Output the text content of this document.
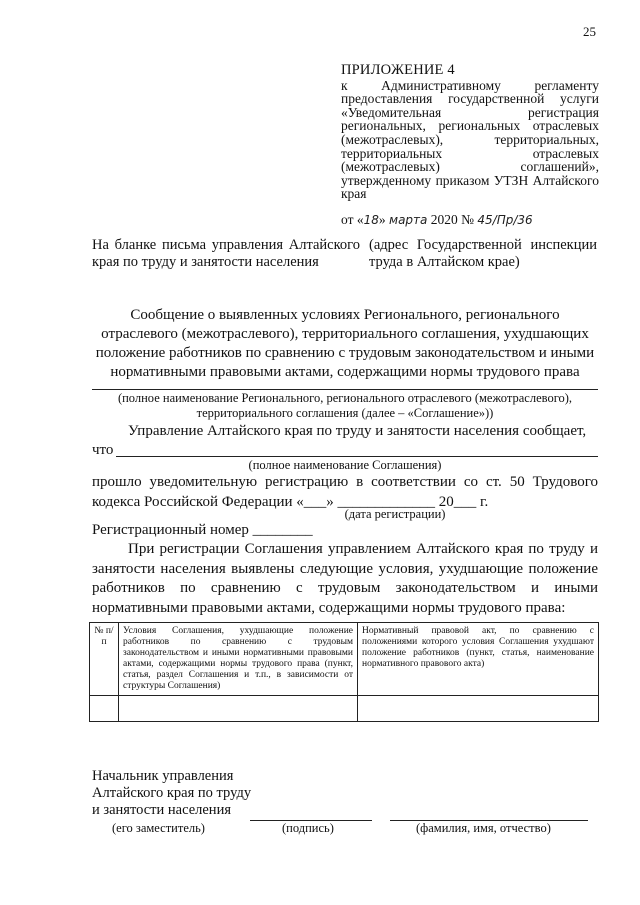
25
ПРИЛОЖЕНИЕ 4
к Административному регламенту предоставления государственной услуги «Уведомительная регистрация региональных, региональных отраслевых (межотраслевых), территориальных, территориальных отраслевых (межотраслевых) соглашений», утвержденному приказом УТЗН Алтайского края
от «18» марта 2020 № 45/Пр/36
На бланке письма управления Алтайского края по труду и занятости населения
(адрес Государственной инспекции труда в Алтайском крае)
Сообщение о выявленных условиях Регионального, регионального отраслевого (межотраслевого), территориального соглашения, ухудшающих положение работников по сравнению с трудовым законодательством и иными нормативными правовыми актами, содержащими нормы трудового права
(полное наименование Регионального, регионального отраслевого (межотраслевого), территориального соглашения (далее – «Соглашение»))
Управление Алтайского края по труду и занятости населения сообщает,
что
(полное наименование Соглашения)
прошло уведомительную регистрацию в соответствии со ст. 50 Трудового кодекса Российской Федерации «___» _____________ 20___ г.
(дата регистрации)
Регистрационный номер ________
При регистрации Соглашения управлением Алтайского края по труду и занятости населения выявлены следующие условия, ухудшающие положение работников по сравнению с трудовым законодательством и иными нормативными правовыми актами, содержащими нормы трудового права:
№ п/п	Условия Соглашения, ухудшающие положение работников по сравнению с трудовым законодательством и иными нормативными правовыми актами, содержащими нормы трудового права (пункт, статья, раздел Соглашения и т.п., в зависимости от структуры Соглашения)	Нормативный правовой акт, по сравнению с положениями которого условия Соглашения ухудшают положение работников (пункт, статья, наименование нормативного правового акта)

Начальник управления
Алтайского края по труду
и занятости населения
(его заместитель)	(подпись)	(фамилия, имя, отчество)
